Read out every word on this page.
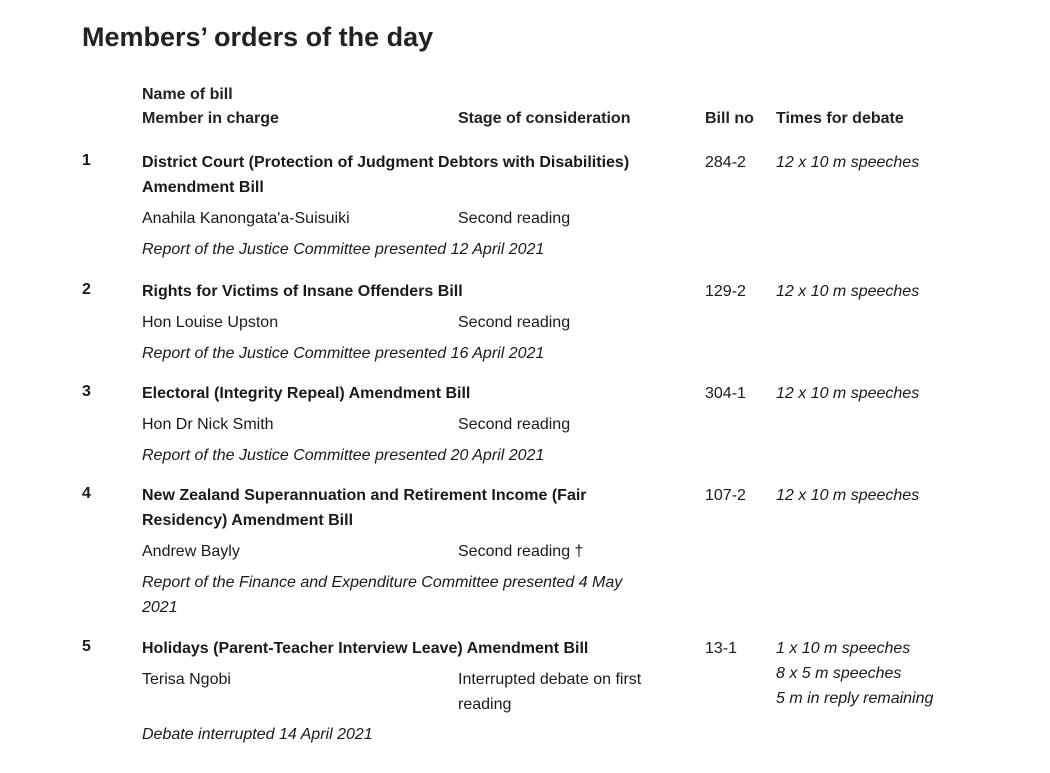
Members’ orders of the day
Name of bill
Member in charge	Stage of consideration	Bill no Times for debate
1	District Court (Protection of Judgment Debtors with Disabilities) Amendment Bill
284-2 12 x 10 m speeches
Anahila Kanongata'a-Suisuiki	Second reading
Report of the Justice Committee presented 12 April 2021
2	Rights for Victims of Insane Offenders Bill	129-2 12 x 10 m speeches
Hon Louise Upston	Second reading
Report of the Justice Committee presented 16 April 2021
3	Electoral (Integrity Repeal) Amendment Bill	304-1 12 x 10 m speeches
Hon Dr Nick Smith	Second reading
Report of the Justice Committee presented 20 April 2021
4	New Zealand Superannuation and Retirement Income (Fair Residency) Amendment Bill
107-2 12 x 10 m speeches
Andrew Bayly	Second reading †
Report of the Finance and Expenditure Committee presented 4 May 2021
5	Holidays (Parent-Teacher Interview Leave) Amendment Bill	13-1 1 x 10 m speeches
8 x 5 m speeches
5 m in reply remaining
Terisa Ngobi	Interrupted debate on first reading
Debate interrupted 14 April 2021
